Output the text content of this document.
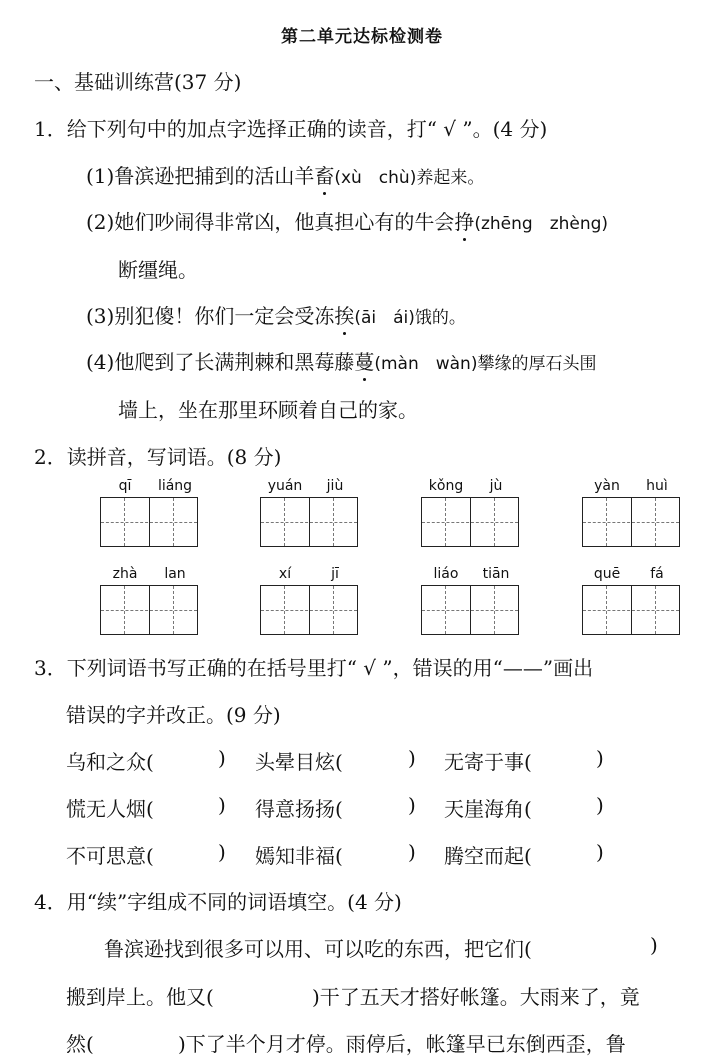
第二单元达标检测卷
一、基础训练营(37 分)
1．给下列句中的加点字选择正确的读音，打“ √ ”。(4 分)
(1)鲁滨逊把捕到的活山羊畜(xù　chù)养起来。
(2)她们吵闹得非常凶，他真担心有的牛会挣(zhēng　zhèng)
断缰绳。
(3)别犯傻！你们一定会受冻挨(āi　ái)饿的。
(4)他爬到了长满荆棘和黑莓藤蔓(màn　wàn)攀缘的厚石头围
墙上，坐在那里环顾着自己的家。
2．读拼音，写词语。(8 分)
qī	liáng	yuán	jiù	kǒng	jù	yàn	huì
zhà	lan	xí	jī	liáo	tiān	quē	fá
3．下列词语书写正确的在括号里打“ √ ”，错误的用“——”画出
错误的字并改正。(9 分)
乌和之众(	) 头晕目炫(	) 无寄于事(	)
慌无人烟(	) 得意扬扬(	) 天崖海角(	)
不可思意(	) 嫣知非福(	) 腾空而起(	)
4．用“续”字组成不同的词语填空。(4 分)
鲁滨逊找到很多可以用、可以吃的东西，把它们(	)
搬到岸上。他又(	)干了五天才搭好帐篷。大雨来了，竟
然(	)下了半个月才停。雨停后，帐篷早已东倒西歪，鲁
